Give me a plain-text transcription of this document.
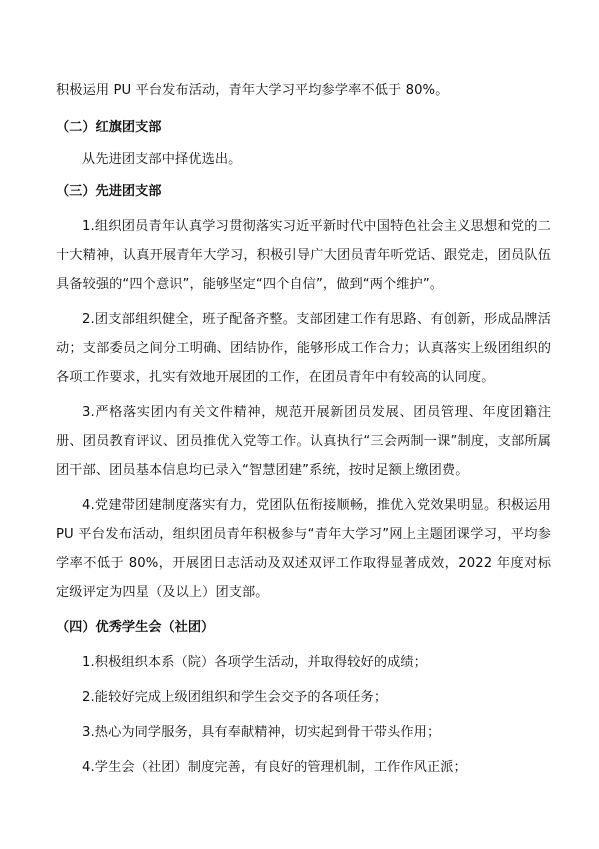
积极运用 PU 平台发布活动，青年大学习平均参学率不低于 80%。

（二）红旗团支部

从先进团支部中择优选出。

（三）先进团支部

1.组织团员青年认真学习贯彻落实习近平新时代中国特色社会主义思想和党的二十大精神，认真开展青年大学习，积极引导广大团员青年听党话、跟党走，团员队伍具备较强的“四个意识”，能够坚定“四个自信”，做到“两个维护”。

2.团支部组织健全，班子配备齐整。支部团建工作有思路、有创新，形成品牌活动；支部委员之间分工明确、团结协作，能够形成工作合力；认真落实上级团组织的各项工作要求，扎实有效地开展团的工作，在团员青年中有较高的认同度。

3.严格落实团内有关文件精神，规范开展新团员发展、团员管理、年度团籍注册、团员教育评议、团员推优入党等工作。认真执行“三会两制一课”制度，支部所属团干部、团员基本信息均已录入“智慧团建”系统，按时足额上缴团费。

4.党建带团建制度落实有力，党团队伍衔接顺畅，推优入党效果明显。积极运用 PU 平台发布活动，组织团员青年积极参与“青年大学习”网上主题团课学习，平均参学率不低于 80%，开展团日志活动及双述双评工作取得显著成效，2022 年度对标定级评定为四星（及以上）团支部。

（四）优秀学生会（社团）

1.积极组织本系（院）各项学生活动，并取得较好的成绩；

2.能较好完成上级团组织和学生会交予的各项任务；

3.热心为同学服务，具有奉献精神，切实起到骨干带头作用；

4.学生会（社团）制度完善，有良好的管理机制，工作作风正派；
